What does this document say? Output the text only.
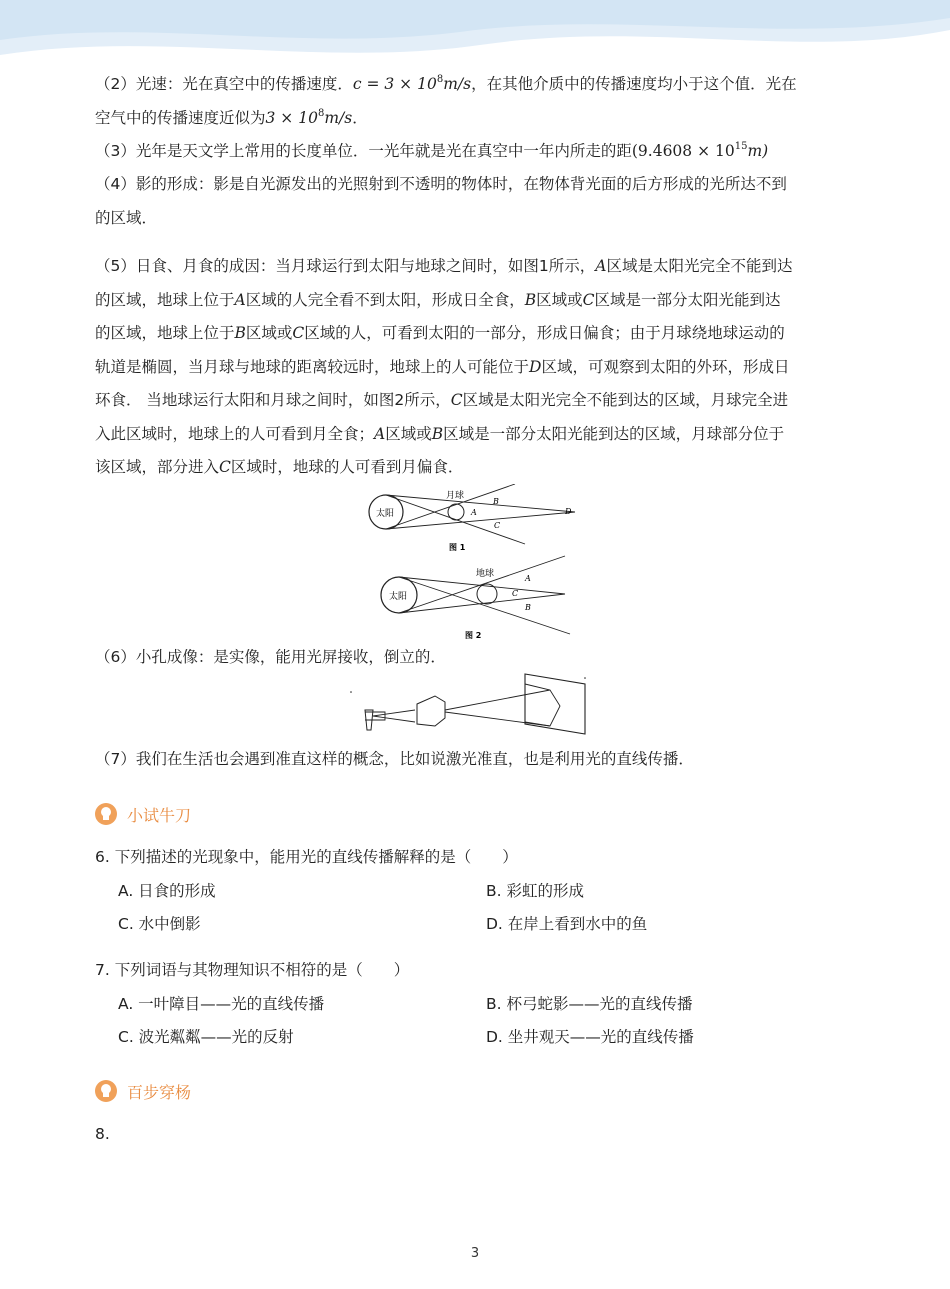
（2）光速：光在真空中的传播速度．$c = 3 \times 10^8m/s$，在其他介质中的传播速度均小于这个值．光在
空气中的传播速度近似为$3 \times 10^8m/s$．
（3）光年是天文学上常用的长度单位．一光年就是光在真空中一年内所走的距$(9.4608 \times 10^{15}m)$
（4）影的形成：影是自光源发出的光照射到不透明的物体时，在物体背光面的后方形成的光所达不到
的区域．
（5）日食、月食的成因：当月球运行到太阳与地球之间时，如图1所示，A区域是太阳光完全不能到达
的区域，地球上位于A区域的人完全看不到太阳，形成日全食，B区域或C区域是一部分太阳光能到达
的区域，地球上位于B区域或C区域的人，可看到太阳的一部分，形成日偏食；由于月球绕地球运动的
轨道是椭圆，当月球与地球的距离较远时，地球上的人可能位于D区域，可观察到太阳的外环，形成日
环食． 当地球运行太阳和月球之间时，如图2所示，C区域是太阳光完全不能到达的区域，月球完全进
入此区域时，地球上的人可看到月全食；A区域或B区域是一部分太阳光能到达的区域，月球部分位于
该区域，部分进入C区域时，地球的人可看到月偏食．
太阳
月球
A
B
C
D
图 1
太阳
地球	A
C
B
图 2
（6）小孔成像：是实像，能用光屏接收，倒立的．
（7）我们在生活也会遇到准直这样的概念，比如说激光准直，也是利用光的直线传播．
小试牛刀
6. 下列描述的光现象中，能用光的直线传播解释的是（　　）
A. 日食的形成	B. 彩虹的形成
C. 水中倒影	D. 在岸上看到水中的鱼
7. 下列词语与其物理知识不 .相 .符 .的是（　　）
A. 一叶障目——光的直线传播	B. 杯弓蛇影——光的直线传播
C. 波光粼粼——光的反射	D. 坐井观天——光的直线传播
百步穿杨
8.
3
